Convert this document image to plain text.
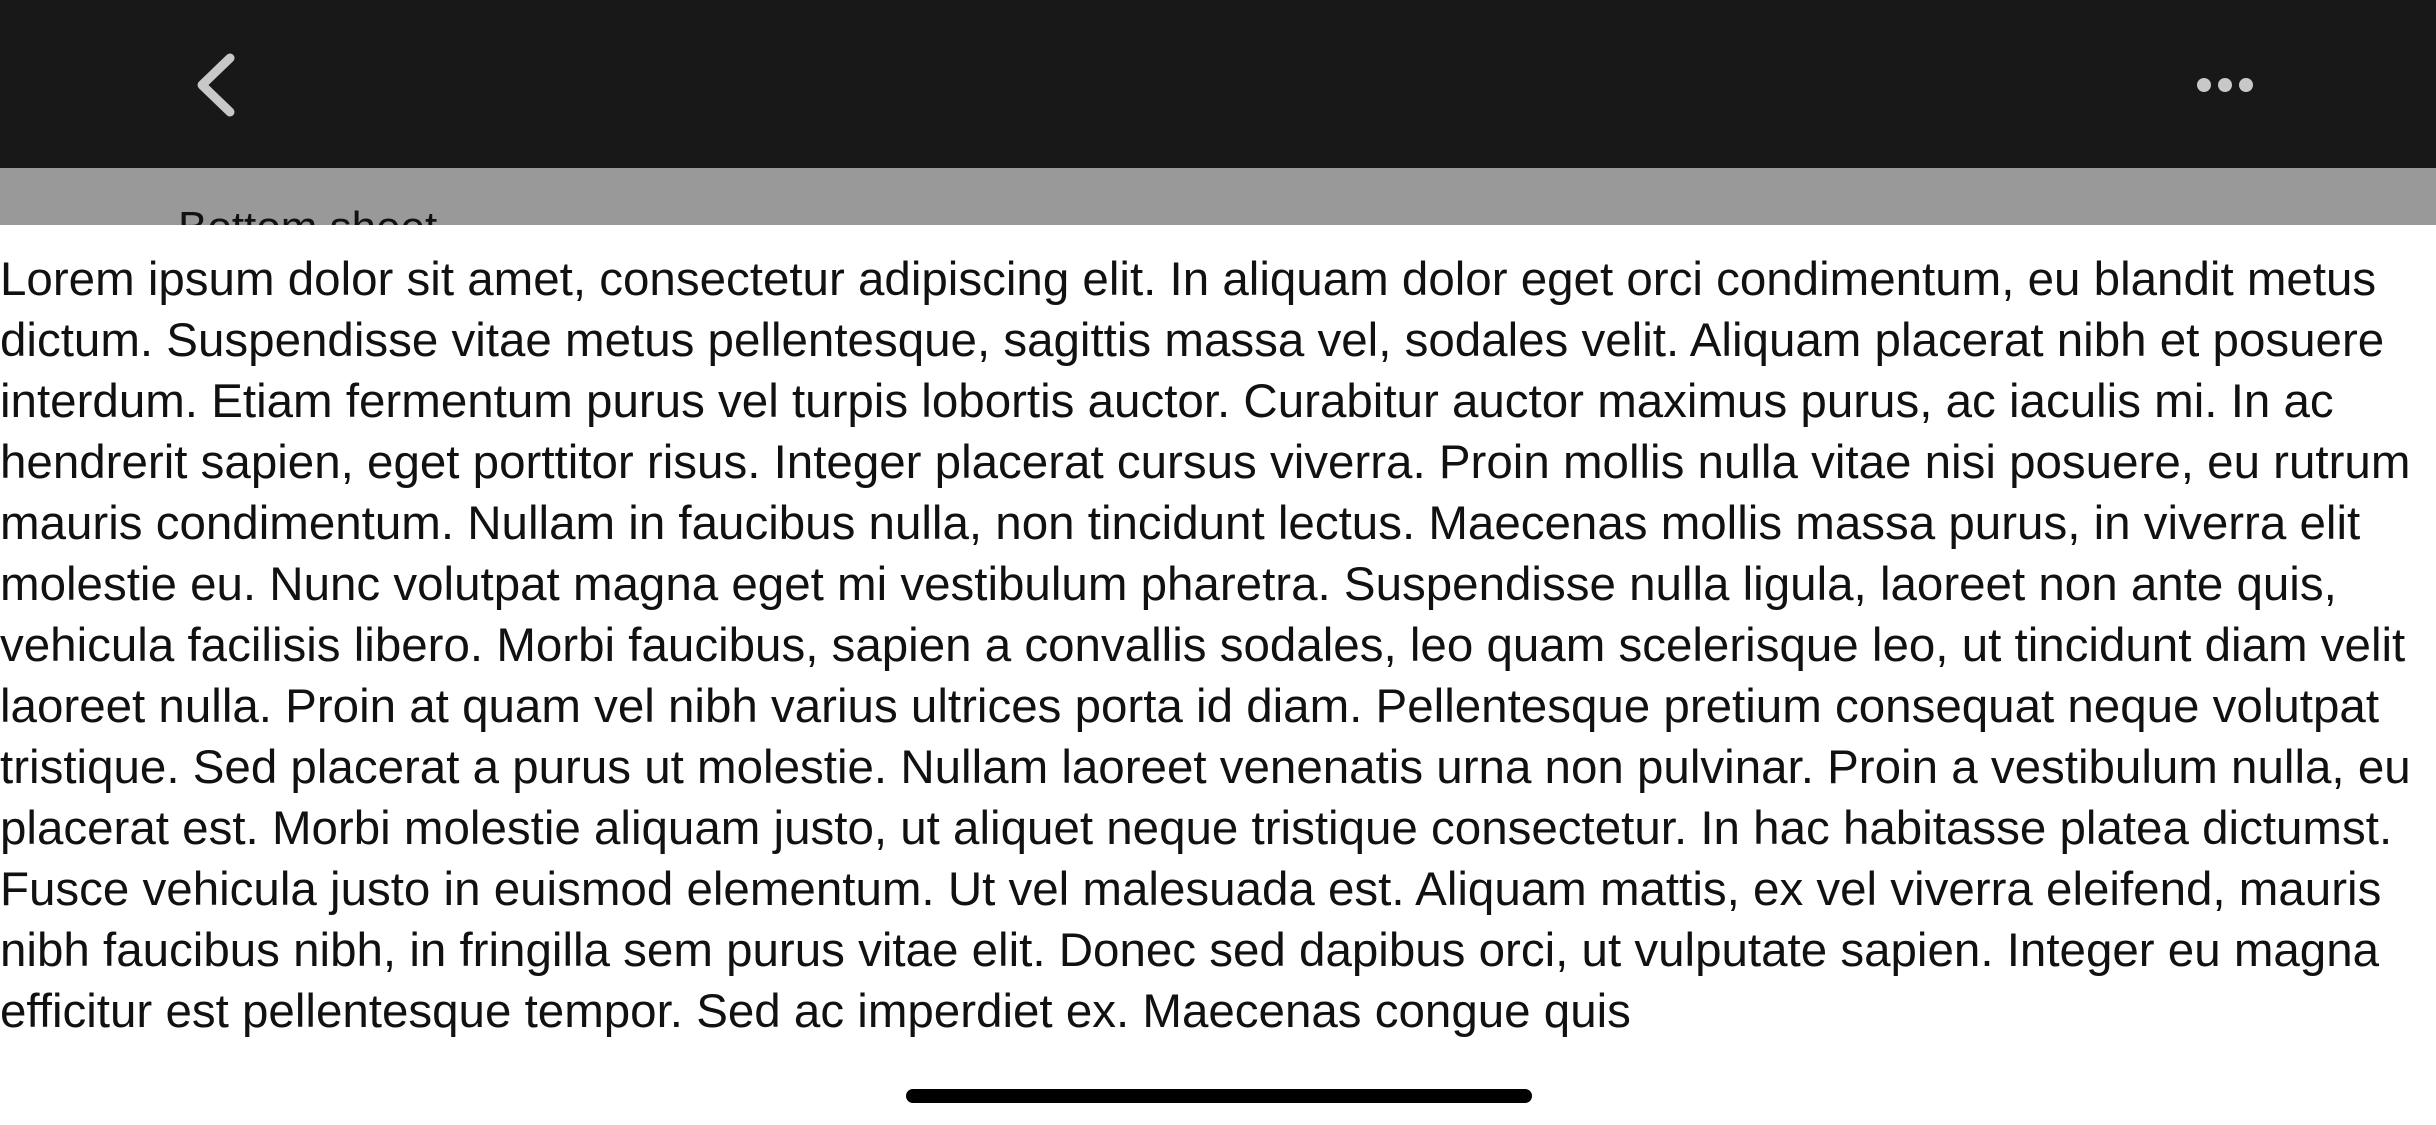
Lorem ipsum dolor sit amet, consectetur adipiscing elit. In aliquam dolor eget orci condimentum, eu blandit metus dictum. Suspendisse vitae metus pellentesque, sagittis massa vel, sodales velit. Aliquam placerat nibh et posuere interdum. Etiam fermentum purus vel turpis lobortis auctor. Curabitur auctor maximus purus, ac iaculis mi. In ac hendrerit sapien, eget porttitor risus. Integer placerat cursus viverra. Proin mollis nulla vitae nisi posuere, eu rutrum mauris condimentum. Nullam in faucibus nulla, non tincidunt lectus. Maecenas mollis massa purus, in viverra elit molestie eu. Nunc volutpat magna eget mi vestibulum pharetra. Suspendisse nulla ligula, laoreet non ante quis, vehicula facilisis libero. Morbi faucibus, sapien a convallis sodales, leo quam scelerisque leo, ut tincidunt diam velit laoreet nulla. Proin at quam vel nibh varius ultrices porta id diam. Pellentesque pretium consequat neque volutpat tristique. Sed placerat a purus ut molestie. Nullam laoreet venenatis urna non pulvinar. Proin a vestibulum nulla, eu placerat est. Morbi molestie aliquam justo, ut aliquet neque tristique consectetur. In hac habitasse platea dictumst. Fusce vehicula justo in euismod elementum. Ut vel malesuada est. Aliquam mattis, ex vel viverra eleifend, mauris nibh faucibus nibh, in fringilla sem purus vitae elit. Donec sed dapibus orci, ut vulputate sapien. Integer eu magna efficitur est pellentesque tempor. Sed ac imperdiet ex. Maecenas congue quis
